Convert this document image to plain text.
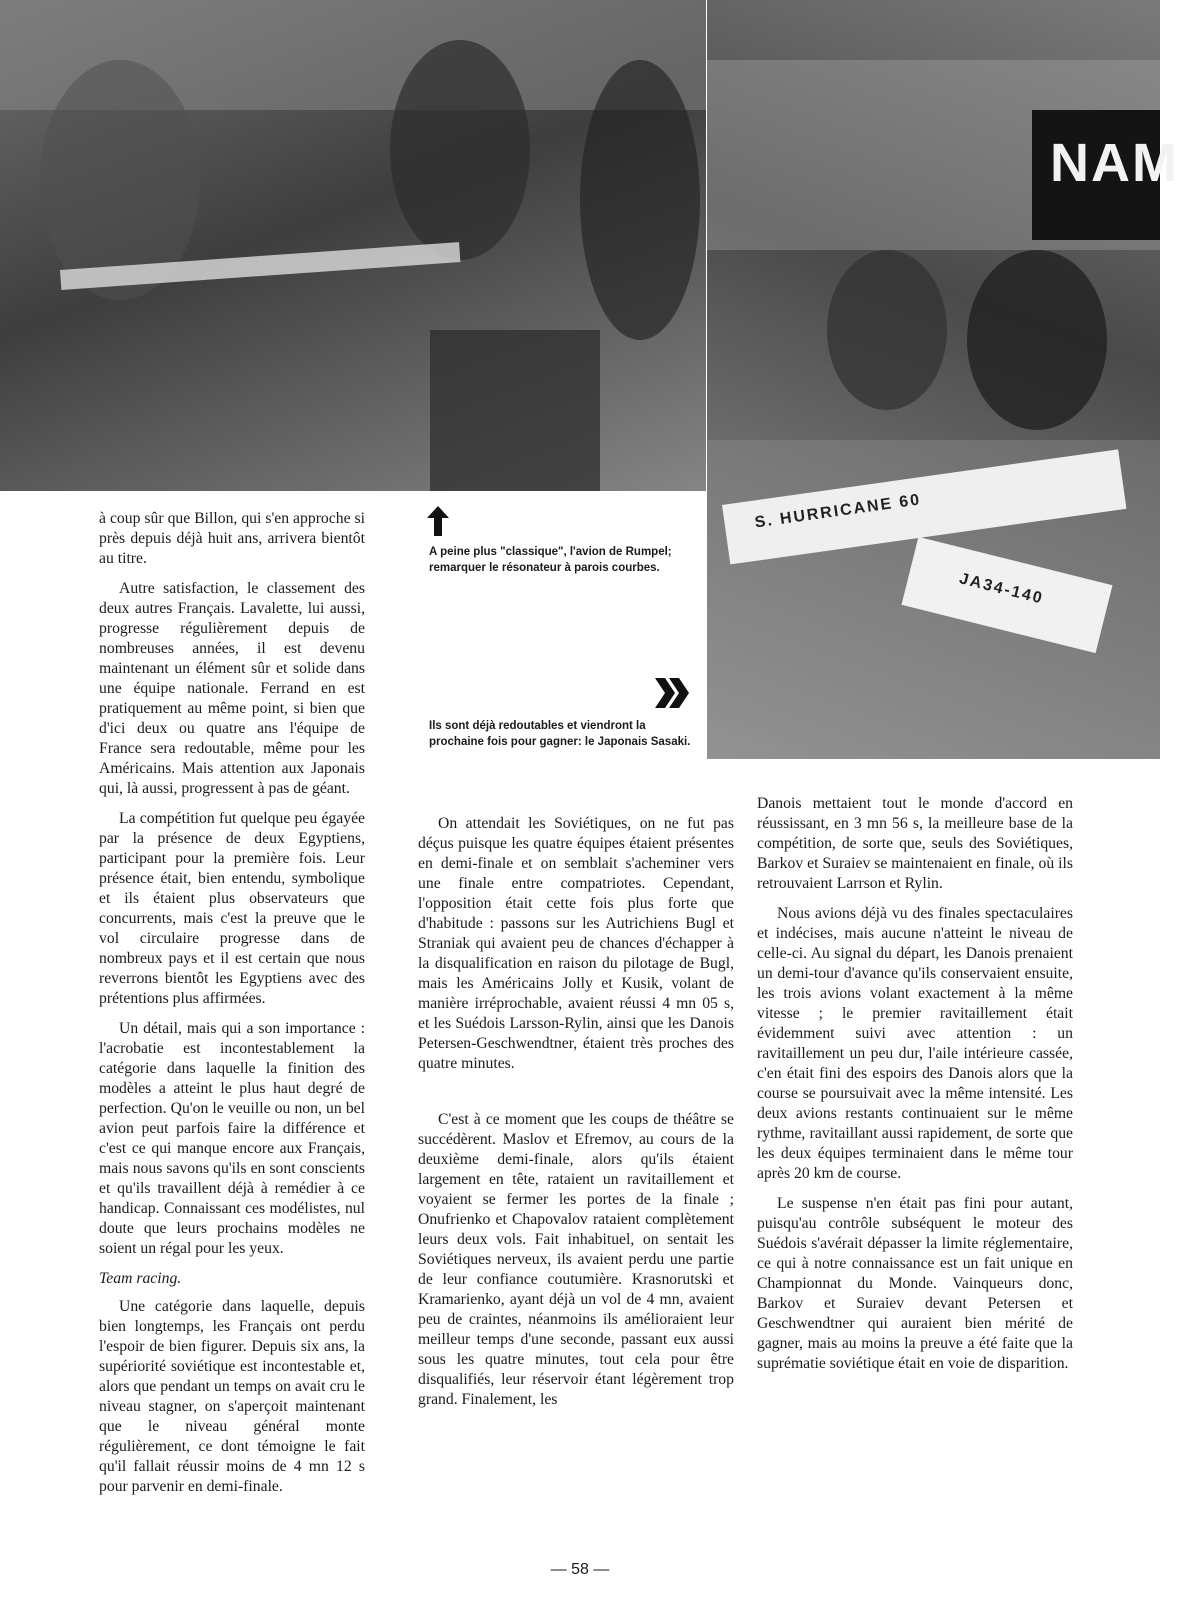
NAM
S. HURRICANE 60
JA34-140
A peine plus "classique", l'avion de Rumpel; remarquer le résonateur à parois courbes.
Ils sont déjà redoutables et viendront la prochaine fois pour gagner: le Japonais Sasaki.

à coup sûr que Billon, qui s'en approche si près depuis déjà huit ans, arrivera bientôt au titre.

Autre satisfaction, le classement des deux autres Français. Lavalette, lui aussi, progresse régulièrement depuis de nombreuses années, il est devenu maintenant un élément sûr et solide dans une équipe nationale. Ferrand en est pratiquement au même point, si bien que d'ici deux ou quatre ans l'équipe de France sera redoutable, même pour les Américains. Mais attention aux Japonais qui, là aussi, progressent à pas de géant.

La compétition fut quelque peu égayée par la présence de deux Egyptiens, participant pour la première fois. Leur présence était, bien entendu, symbolique et ils étaient plus observateurs que concurrents, mais c'est la preuve que le vol circulaire progresse dans de nombreux pays et il est certain que nous reverrons bientôt les Egyptiens avec des prétentions plus affirmées.

Un détail, mais qui a son importance : l'acrobatie est incontestablement la catégorie dans laquelle la finition des modèles a atteint le plus haut degré de perfection. Qu'on le veuille ou non, un bel avion peut parfois faire la différence et c'est ce qui manque encore aux Français, mais nous savons qu'ils en sont conscients et qu'ils travaillent déjà à remédier à ce handicap. Connaissant ces modélistes, nul doute que leurs prochains modèles ne soient un régal pour les yeux.

Team racing.

Une catégorie dans laquelle, depuis bien longtemps, les Français ont perdu l'espoir de bien figurer. Depuis six ans, la supériorité soviétique est incontestable et, alors que pendant un temps on avait cru le niveau stagner, on s'aperçoit maintenant que le niveau général monte régulièrement, ce dont témoigne le fait qu'il fallait réussir moins de 4 mn 12 s pour parvenir en demi-finale.

On attendait les Soviétiques, on ne fut pas déçus puisque les quatre équipes étaient présentes en demi-finale et on semblait s'acheminer vers une finale entre compatriotes. Cependant, l'opposition était cette fois plus forte que d'habitude : passons sur les Autrichiens Bugl et Straniak qui avaient peu de chances d'échapper à la disqualification en raison du pilotage de Bugl, mais les Américains Jolly et Kusik, volant de manière irréprochable, avaient réussi 4 mn 05 s, et les Suédois Larsson-Rylin, ainsi que les Danois Petersen-Geschwendtner, étaient très proches des quatre minutes.

C'est à ce moment que les coups de théâtre se succédèrent. Maslov et Efremov, au cours de la deuxième demi-finale, alors qu'ils étaient largement en tête, rataient un ravitaillement et voyaient se fermer les portes de la finale ; Onufrienko et Chapovalov rataient complètement leurs deux vols. Fait inhabituel, on sentait les Soviétiques nerveux, ils avaient perdu une partie de leur confiance coutumière. Krasnorutski et Kramarienko, ayant déjà un vol de 4 mn, avaient peu de craintes, néanmoins ils amélioraient leur meilleur temps d'une seconde, passant eux aussi sous les quatre minutes, tout cela pour être disqualifiés, leur réservoir étant légèrement trop grand. Finalement, les

Danois mettaient tout le monde d'accord en réussissant, en 3 mn 56 s, la meilleure base de la compétition, de sorte que, seuls des Soviétiques, Barkov et Suraiev se maintenaient en finale, où ils retrouvaient Larrson et Rylin.

Nous avions déjà vu des finales spectaculaires et indécises, mais aucune n'atteint le niveau de celle-ci. Au signal du départ, les Danois prenaient un demi-tour d'avance qu'ils conservaient ensuite, les trois avions volant exactement à la même vitesse ; le premier ravitaillement était évidemment suivi avec attention : un ravitaillement un peu dur, l'aile intérieure cassée, c'en était fini des espoirs des Danois alors que la course se poursuivait avec la même intensité. Les deux avions restants continuaient sur le même rythme, ravitaillant aussi rapidement, de sorte que les deux équipes terminaient dans le même tour après 20 km de course.

Le suspense n'en était pas fini pour autant, puisqu'au contrôle subséquent le moteur des Suédois s'avérait dépasser la limite réglementaire, ce qui à notre connaissance est un fait unique en Championnat du Monde. Vainqueurs donc, Barkov et Suraiev devant Petersen et Geschwendtner qui auraient bien mérité de gagner, mais au moins la preuve a été faite que la suprématie soviétique était en voie de disparition.

— 58 —
